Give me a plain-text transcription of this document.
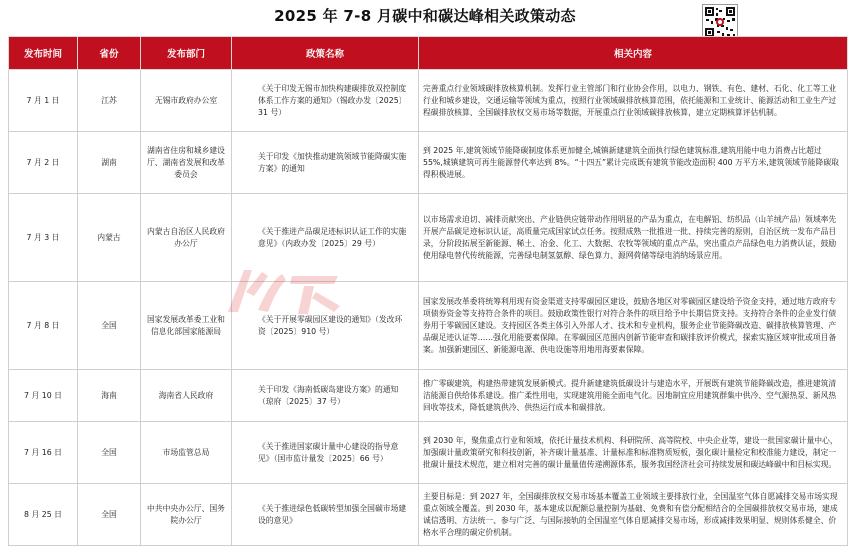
2025 年 7-8 月碳中和碳达峰相关政策动态
发布时间	省份	发布部门	政策名称	相关内容
7 月 1 日	江苏	无锡市政府办公室	《关于印发无锡市加快构建碳排放双控制度体系工作方案的通知》（锡政办发〔2025〕31 号）	完善重点行业领域碳排放核算机制。发挥行业主管部门和行业协会作用，以电力、钢铁、有色、建材、石化、化工等工业行业和城乡建设，交通运输等领域为重点，按照行业领域碳排放核算范围，依托能源和工业统计、能源活动和工业生产过程碳排放核算、全国碳排放权交易市场等数据，开展重点行业领域碳排放核算，建立定期核算评估机制。
7 月 2 日	湖南	湖南省住房和城乡建设厅、湖南省发展和改革委员会	关于印发《加快推动建筑领域节能降碳实施方案》的通知	到 2025 年,建筑领域节能降碳制度体系更加健全,城镇新建建筑全面执行绿色建筑标准,建筑用能中电力消费占比超过 55%,城镇建筑可再生能源替代率达到 8%。“十四五”累计完成既有建筑节能改造面积 400 万平方米,建筑领域节能降碳取得积极进展。
7 月 3 日	内蒙古	内蒙古自治区人民政府办公厅	《关于推进产品碳足迹标识认证工作的实施意见》（内政办发〔2025〕29 号）	以市场需求迫切、减排贡献突出、产业链供应链带动作用明显的产品为重点，在电解铝、纺织品（山羊绒产品）领域率先开展产品碳足迹标识认证，高质量完成国家试点任务。按照成熟一批推进一批、持续完善的原则，自治区统一发布产品目录，分阶段拓展至新能源、稀土、冶金、化工、大数据、农牧等领域的重点产品，突出重点产品绿色电力消费认证，鼓励使用绿电替代传统能源，完善绿电制氢氨醇、绿色算力、源网荷储等绿电消纳场景应用。
7 月 8 日	全国	国家发展改革委工业和信息化部国家能源局	《关于开展零碳园区建设的通知》（发改环资〔2025〕910 号）	国家发展改革委将统筹利用现有资金渠道支持零碳园区建设，鼓励各地区对零碳园区建设给予资金支持，通过地方政府专项债券资金等支持符合条件的项目。鼓励政策性银行对符合条件的项目给予中长期信贷支持。支持符合条件的企业发行债券用于零碳园区建设。支持园区各类主体引入外部人才、技术和专业机构，服务企业节能降碳改造、碳排放核算管理、产品碳足迹认证等……强化用能要素保障。在零碳园区范围内创新节能审查和碳排放评价模式，探索实施区域审批或项目备案。加强新建园区、新能源电源、供电设施等用地用海要素保障。
7 月 10 日	海南	海南省人民政府	关于印发《海南低碳岛建设方案》的通知（琼府〔2025〕37 号）	推广零碳建筑，构建热带建筑发展新模式。提升新建建筑低碳设计与建造水平，开展既有建筑节能降碳改造，推进建筑清洁能源自供给体系建设。推广柔性用电，实现建筑用能全面电气化。因地制宜应用建筑群集中供冷、空气源热泵、新风热回收等技术，降低建筑供冷、供热运行成本和碳排放。
7 月 16 日	全国	市场监管总局	《关于推进国家碳计量中心建设的指导意见》（国市监计量发〔2025〕66 号）	到 2030 年，聚焦重点行业和领域，依托计量技术机构、科研院所、高等院校、中央企业等，建设一批国家碳计量中心，加强碳计量政策研究和科技创新，补齐碳计量基准、计量标准和标准物质短板，强化碳计量检定和校准能力建设，制定一批碳计量技术规范，建立相对完善的碳计量量值传递溯源体系，服务我国经济社会可持续发展和碳达峰碳中和目标实现。
8 月 25 日	全国	中共中央办公厅、国务院办公厅	《关于推进绿色低碳转型加强全国碳市场建设的意见》	主要目标是：到 2027 年，全国碳排放权交易市场基本覆盖工业领域主要排放行业，全国温室气体自愿减排交易市场实现重点领域全覆盖。到 2030 年，基本建成以配额总量控制为基础、免费和有偿分配相结合的全国碳排放权交易市场，建成诚信透明、方法统一、参与广泛、与国际接轨的全国温室气体自愿减排交易市场，形成减排效果明显、规则体系健全、价格水平合理的碳定价机制。
